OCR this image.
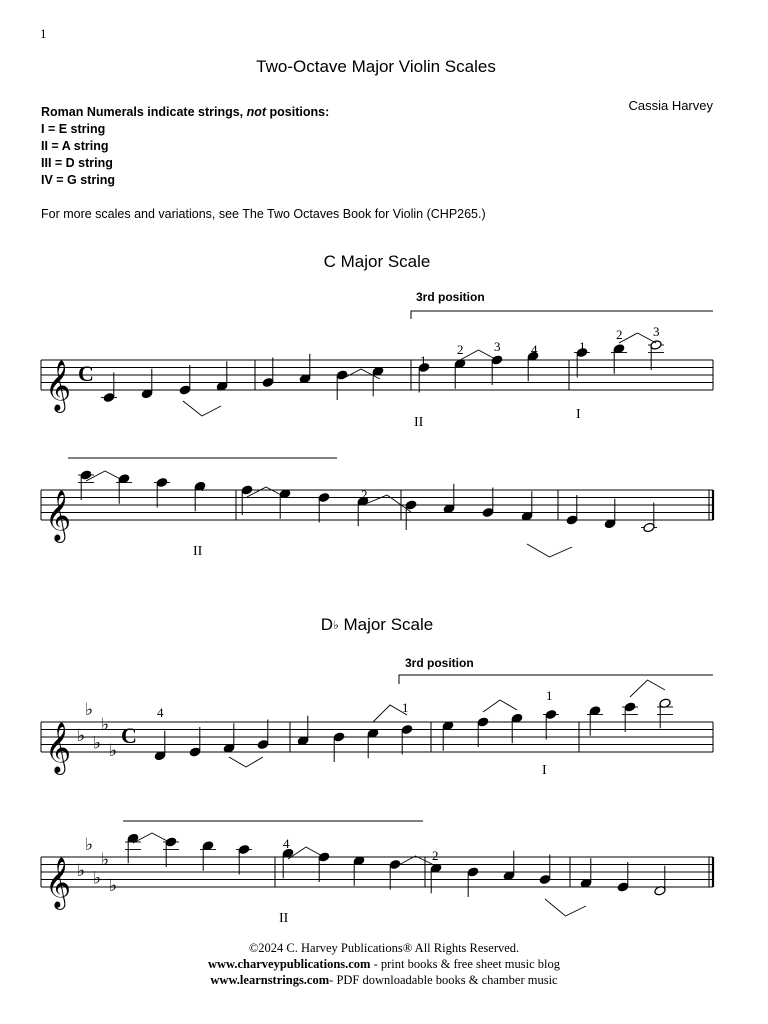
1
Two-Octave Major Violin Scales
Cassia Harvey
Roman Numerals indicate strings, not positions:
I = E string
II = A string
III = D string
IV = G string
For more scales and variations, see The Two Octaves Book for Violin (CHP265.)
C Major Scale
D♭ Major Scale
𝄞 C
𝄞
𝄞 ♭
♭
♭
♭
♭
C
𝄞 ♭
♭
♭
♭
♭
3rd position
1
2 3 4	1
2 3
II
I
4
2
II
3rd position
4	1
1
I
4
2
II
©2024 C. Harvey Publications® All Rights Reserved.
www.charveypublications.com - print books & free sheet music blog
www.learnstrings.com- PDF downloadable books & chamber music
